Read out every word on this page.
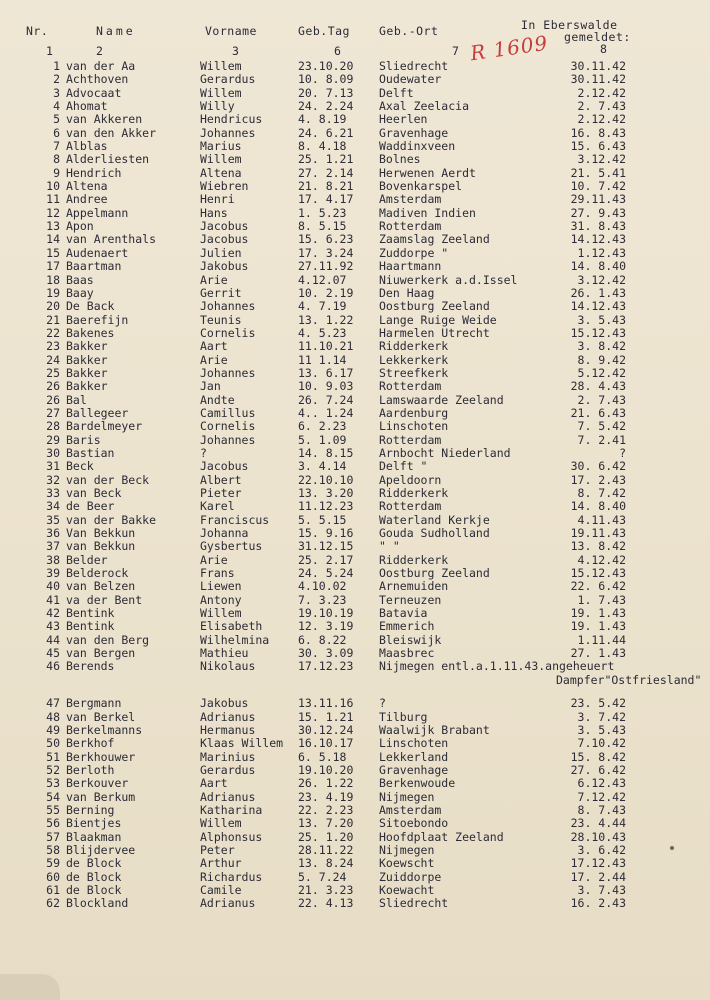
Nr.	Name	Vorname	Geb.Tag	Geb.-Ort	In Eberswalde
gemeldet:
1	2	3	6	7	8
R 1609
1 van der Aa	Willem	23.10.20 Sliedrecht	30.11.42
2 Achthoven	Gerardus	10. 8.09 Oudewater	30.11.42
3 Advocaat	Willem	20. 7.13 Delft	2.12.42
4 Ahomat	Willy	24. 2.24 Axal Zeelacia	2. 7.43
5 van Akkeren	Hendricus	4. 8.19	Heerlen	2.12.42
6 van den Akker	Johannes	24. 6.21 Gravenhage	16. 8.43
7 Alblas	Marius	8. 4.18	Waddinxveen	15. 6.43
8 Alderliesten	Willem	25. 1.21 Bolnes	3.12.42
9 Hendrich	Altena	27. 2.14 Herwenen Aerdt	21. 5.41
10 Altena	Wiebren	21. 8.21 Bovenkarspel	10. 7.42
11 Andree	Henri	17. 4.17 Amsterdam	29.11.43
12 Appelmann	Hans	1. 5.23	Madiven Indien	27. 9.43
13 Apon	Jacobus	8. 5.15	Rotterdam	31. 8.43
14 van Arenthals	Jacobus	15. 6.23 Zaamslag Zeeland	14.12.43
15 Audenaert	Julien	17. 3.24 Zuddorpe "	1.12.43
17 Baartman	Jakobus	27.11.92 Haartmann	14. 8.40
18 Baas	Arie	4.12.07	Niuwerkerk a.d.Issel	3.12.42
19 Baay	Gerrit	10. 2.19 Den Haag	26. 1.43
20 De Back	Johannes	4. 7.19	Oostburg Zeeland	14.12.43
21 Baerefijn	Teunis	13. 1.22 Lange Ruige Weide	3. 5.43
22 Bakenes	Cornelis	4. 5.23	Harmelen Utrecht	15.12.43
23 Bakker	Aart	11.10.21 Ridderkerk	3. 8.42
24 Bakker	Arie	11 1.14	Lekkerkerk	8. 9.42
25 Bakker	Johannes	13. 6.17 Streefkerk	5.12.42
26 Bakker	Jan	10. 9.03 Rotterdam	28. 4.43
26 Bal	Andte	26. 7.24 Lamswaarde Zeeland	2. 7.43
27 Ballegeer	Camillus	4.. 1.24 Aardenburg	21. 6.43
28 Bardelmeyer	Cornelis	6. 2.23	Linschoten	7. 5.42
29 Baris	Johannes	5. 1.09	Rotterdam	7. 2.41
30 Bastian	?	14. 8.15 Arnbocht Niederland	?
31 Beck	Jacobus	3. 4.14	Delft "	30. 6.42
32 van der Beck	Albert	22.10.10 Apeldoorn	17. 2.43
33 van Beck	Pieter	13. 3.20 Ridderkerk	8. 7.42
34 de Beer	Karel	11.12.23 Rotterdam	14. 8.40
35 van der Bakke	Franciscus	5. 5.15	Waterland Kerkje	4.11.43
36 Van Bekkun	Johanna	15. 9.16 Gouda Sudholland	19.11.43
37 van Bekkun	Gysbertus	31.12.15 " "	13. 8.42
38 Belder	Arie	25. 2.17 Ridderkerk	4.12.42
39 Belderock	Frans	24. 5.24 Oostburg Zeeland	15.12.43
40 van Belzen	Liewen	4.10.02	Arnemuiden	22. 6.42
41 va der Bent	Antony	7. 3.23	Terneuzen	1. 7.43
42 Bentink	Willem	19.10.19 Batavia	19. 1.43
43 Bentink	Elisabeth	12. 3.19 Emmerich	19. 1.43
44 van den Berg	Wilhelmina	6. 8.22	Bleiswijk	1.11.44
45 van Bergen	Mathieu	30. 3.09 Maasbrec	27. 1.43
46 Berends	Nikolaus	17.12.23 Nijmegen entl.a.1.11.43.angeheuert
Dampfer"Ostfriesland"
47 Bergmann	Jakobus	13.11.16 ?	23. 5.42
48 van Berkel	Adrianus	15. 1.21 Tilburg	3. 7.42
49 Berkelmanns	Hermanus	30.12.24 Waalwijk Brabant	3. 5.43
50 Berkhof	Klaas Willem 16.10.17 Linschoten	7.10.42
51 Berkhouwer	Marinius	6. 5.18	Lekkerland	15. 8.42
52 Berloth	Gerardus	19.10.20 Gravenhage	27. 6.42
53 Berkouver	Aart	26. 1.22 Berkenwoude	6.12.43
54 van Berkum	Adrianus	23. 4.19 Nijmegen	7.12.42
55 Berning	Katharina	22. 2.23 Amsterdam	8. 7.43
56 Bientjes	Willem	13. 7.20 Sitoebondo	23. 4.44
57 Blaakman	Alphonsus	25. 1.20 Hoofdplaat Zeeland	28.10.43
58 Blijdervee	Peter	28.11.22 Nijmegen	3. 6.42
59 de Block	Arthur	13. 8.24 Koewscht	17.12.43
60 de Block	Richardus	5. 7.24	Zuiddorpe	17. 2.44
61 de Block	Camile	21. 3.23 Koewacht	3. 7.43
62 Blockland	Adrianus	22. 4.13 Sliedrecht	16. 2.43
